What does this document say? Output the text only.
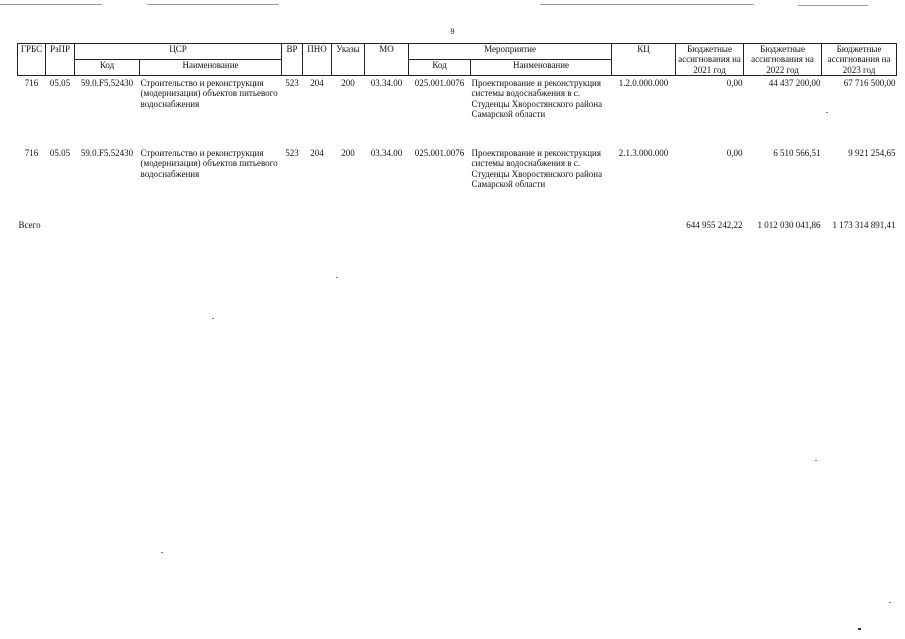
9
ГРБС	РзПР	ЦСР		ВР	ПНО	Указы	МО	Мероприятие		КЦ	Бюджетные ассигнования на 2021 год	Бюджетные ассигнования на 2022 год	Бюджетные ассигнования на 2023 год
		Код	Наименование					Код	Наименование				
716	05.05	59.0.F5.52430	Строительство и реконструкция (модернизация) объектов питьевого водоснабжения	523	204	200	03.34.00	025.001.0076	Проектирование и реконструкция системы водоснабжения в с. Студенцы Хворостянского района Самарской области	1.2.0.000.000	0,00	44 437 200,00	67 716 500,00
716	05.05	59.0.F5.52430	Строительство и реконструкция (модернизация) объектов питьевого водоснабжения	523	204	200	03.34.00	025.001.0076	Проектирование и реконструкция системы водоснабжения в с. Студенцы Хворостянского района Самарской области	2.1.3.000.000	0,00	6 510 566,51	9 921 254,65
Всего											644 955 242,22	1 012 030 041,86	1 173 314 891,41
